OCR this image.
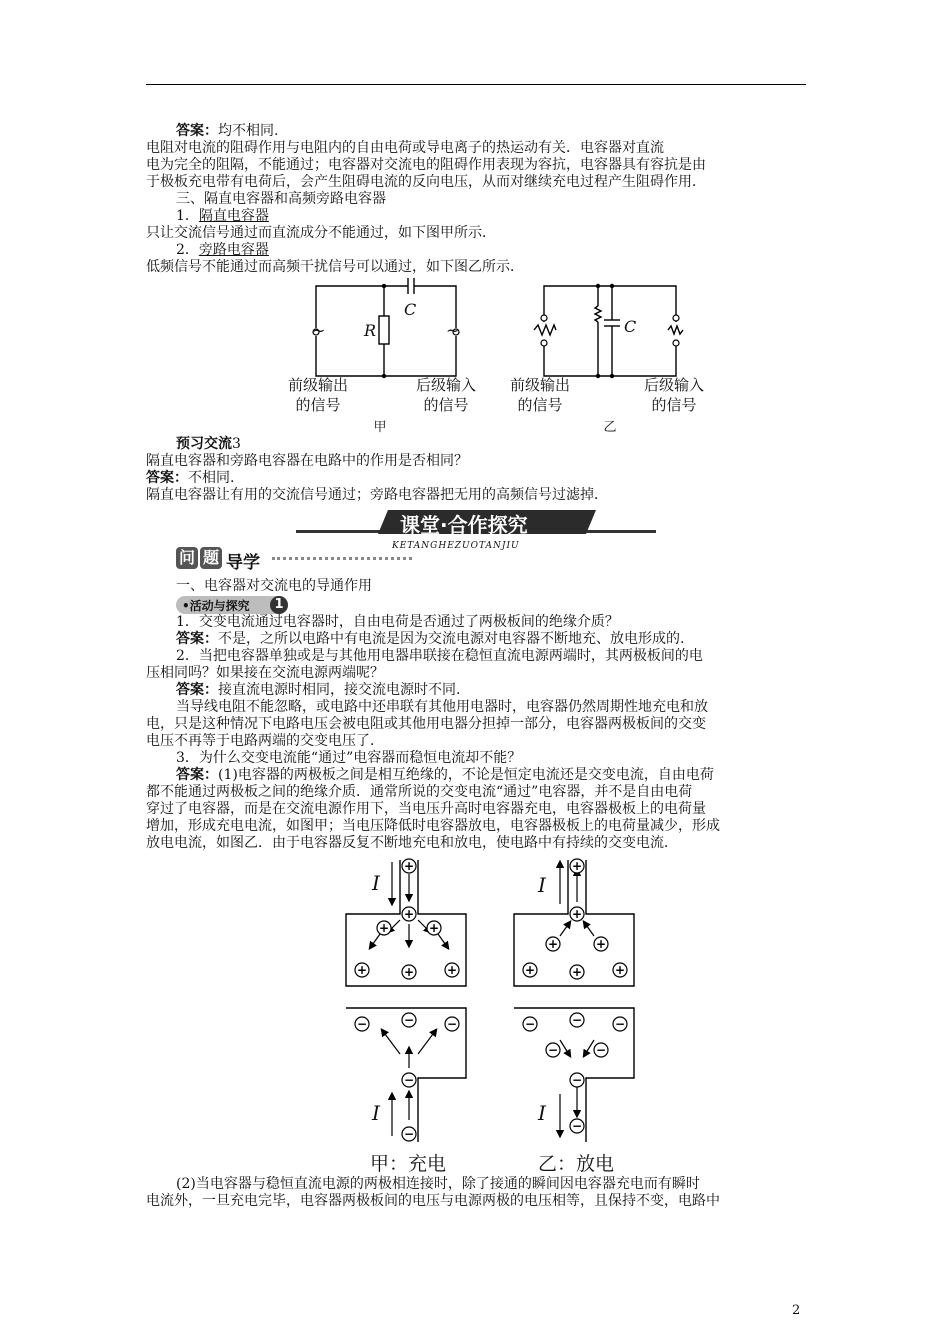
答案：均不相同.
电阻对电流的阻碍作用与电阻内的自由电荷或导电离子的热运动有关．电容器对直流
电为完全的阻隔，不能通过；电容器对交流电的阻碍作用表现为容抗，电容器具有容抗是由
于极板充电带有电荷后，会产生阻碍电流的反向电压，从而对继续充电过程产生阻碍作用．
三、隔直电容器和高频旁路电容器
1．隔直电容器
只让交流信号通过而直流成分不能通过，如下图甲所示．
2．旁路电容器
低频信号不能通过而高频干扰信号可以通过，如下图乙所示．
~	~
R
C
C
前级输出
的信号
后级输入
的信号
前级输出
的信号
后级输入
的信号
甲	乙
预习交流3
隔直电容器和旁路电容器在电路中的作用是否相同？
答案：不相同.
隔直电容器让有用的交流信号通过；旁路电容器把无用的高频信号过滤掉．
KETANGHEZUOTANJIU
课堂·合作探究
问 题 导学
一、电容器对交流电的导通作用
•活动与探究	1
1．交变电流通过电容器时，自由电荷是否通过了两极板间的绝缘介质？
答案：不是，之所以电路中有电流是因为交流电源对电容器不断地充、放电形成的.
2．当把电容器单独或是与其他用电器串联接在稳恒直流电源两端时，其两极板间的电
压相同吗？如果接在交流电源两端呢？
答案：接直流电源时相同，接交流电源时不同.
当导线电阻不能忽略，或电路中还串联有其他用电器时，电容器仍然周期性地充电和放
电，只是这种情况下电路电压会被电阻或其他用电器分担掉一部分，电容器两极板间的交变
电压不再等于电路两端的交变电压了．
3．为什么交变电流能“通过”电容器而稳恒电流却不能？
答案：(1)电容器的两极板之间是相互绝缘的，不论是恒定电流还是交变电流，自由电荷
都不能通过两极板之间的绝缘介质．通常所说的交变电流“通过”电容器，并不是自由电荷
穿过了电容器，而是在交流电源作用下，当电压升高时电容器充电，电容器极板上的电荷量
增加，形成充电电流，如图甲；当电压降低时电容器放电，电容器极板上的电荷量减少，形成
放电电流，如图乙．由于电容器反复不断地充电和放电，使电路中有持续的交变电流．
+
+
+	+
+	+	+
+
+
+	+
+	+	+
−	−	−
−
−
−	−	−
−	−
−
−
I	I
I	I
甲：充电	乙：放电
(2)当电容器与稳恒直流电源的两极相连接时，除了接通的瞬间因电容器充电而有瞬时
电流外，一旦充电完毕，电容器两极板间的电压与电源两极的电压相等，且保持不变，电路中
2
